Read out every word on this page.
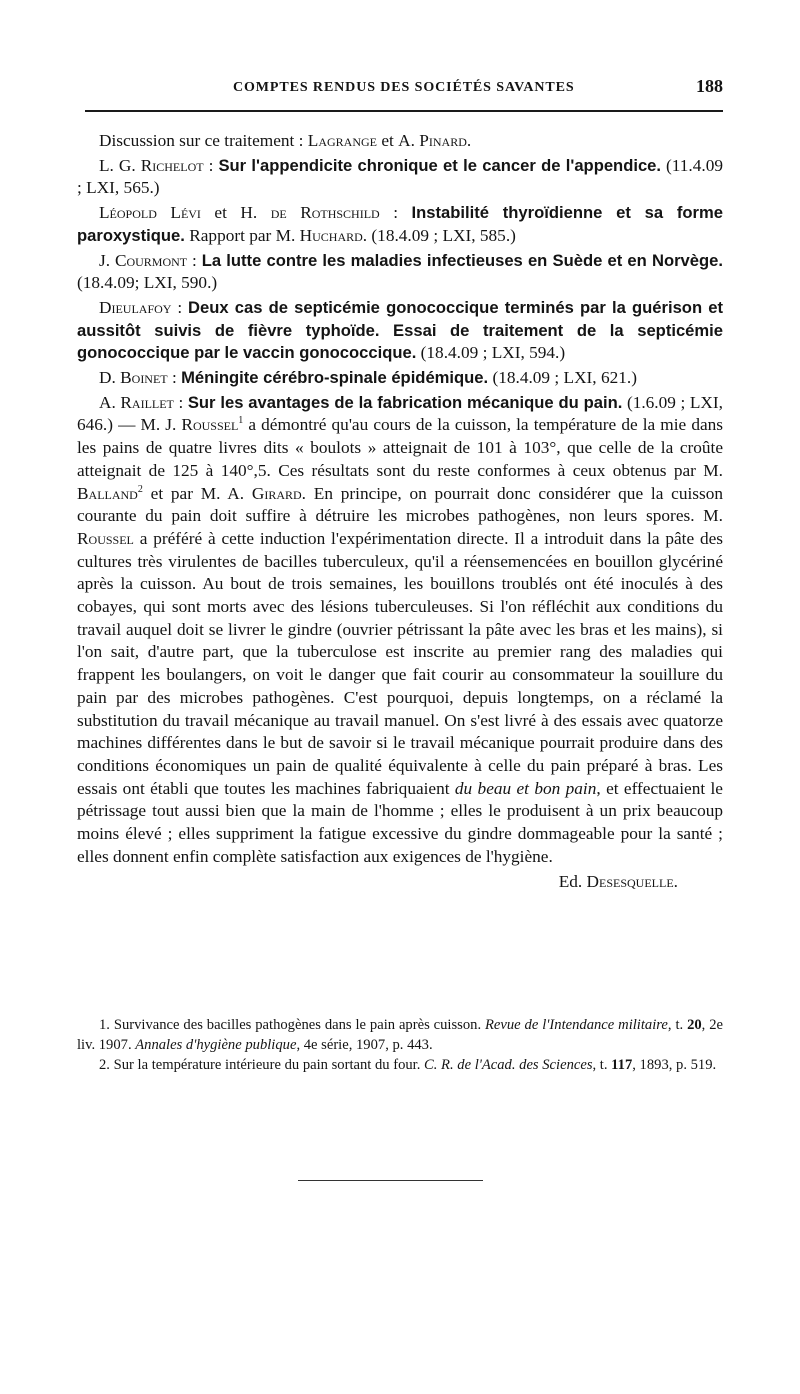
COMPTES RENDUS DES SOCIÉTÉS SAVANTES	188

Discussion sur ce traitement : Lagrange et A. Pinard.

L. G. Richelot : Sur l'appendicite chronique et le cancer de l'appendice. (11.4.09 ; LXI, 565.)

Léopold Lévi et H. de Rothschild : Instabilité thyroïdienne et sa forme paroxystique. Rapport par M. Huchard. (18.4.09 ; LXI, 585.)

J. Courmont : La lutte contre les maladies infectieuses en Suède et en Norvège. (18.4.09; LXI, 590.)

Dieulafoy : Deux cas de septicémie gonococcique terminés par la guérison et aussitôt suivis de fièvre typhoïde. Essai de traitement de la septicémie gonococcique par le vaccin gonococcique. (18.4.09 ; LXI, 594.)

D. Boinet : Méningite cérébro-spinale épidémique. (18.4.09 ; LXI, 621.)

A. Raillet : Sur les avantages de la fabrication mécanique du pain. (1.6.09 ; LXI, 646.) — M. J. Roussel$^1$ a démontré qu'au cours de la cuisson, la température de la mie dans les pains de quatre livres dits « boulots » atteignait de 101 à 103°, que celle de la croûte atteignait de 125 à 140°,5. Ces résultats sont du reste conformes à ceux obtenus par M. Balland$^2$ et par M. A. Girard. En principe, on pourrait donc considérer que la cuisson courante du pain doit suffire à détruire les microbes pathogènes, non leurs spores. M. Roussel a préféré à cette induction l'expérimentation directe. Il a introduit dans la pâte des cultures très virulentes de bacilles tuberculeux, qu'il a réensemencées en bouillon glycériné après la cuisson. Au bout de trois semaines, les bouillons troublés ont été inoculés à des cobayes, qui sont morts avec des lésions tuberculeuses. Si l'on réfléchit aux conditions du travail auquel doit se livrer le gindre (ouvrier pétrissant la pâte avec les bras et les mains), si l'on sait, d'autre part, que la tuberculose est inscrite au premier rang des maladies qui frappent les boulangers, on voit le danger que fait courir au consommateur la souillure du pain par des microbes pathogènes. C'est pourquoi, depuis longtemps, on a réclamé la substitution du travail mécanique au travail manuel. On s'est livré à des essais avec quatorze machines différentes dans le but de savoir si le travail mécanique pourrait produire dans des conditions économiques un pain de qualité équivalente à celle du pain préparé à bras. Les essais ont établi que toutes les machines fabriquaient du beau et bon pain, et effectuaient le pétrissage tout aussi bien que la main de l'homme ; elles le produisent à un prix beaucoup moins élevé ; elles suppriment la fatigue excessive du gindre dommageable pour la santé ; elles donnent enfin complète satisfaction aux exigences de l'hygiène.

Ed. Desesquelle.

1. Survivance des bacilles pathogènes dans le pain après cuisson. Revue de l'Intendance militaire, t. 20, 2e liv. 1907. Annales d'hygiène publique, 4e série, 1907, p. 443.

2. Sur la température intérieure du pain sortant du four. C. R. de l'Acad. des Sciences, t. 117, 1893, p. 519.
